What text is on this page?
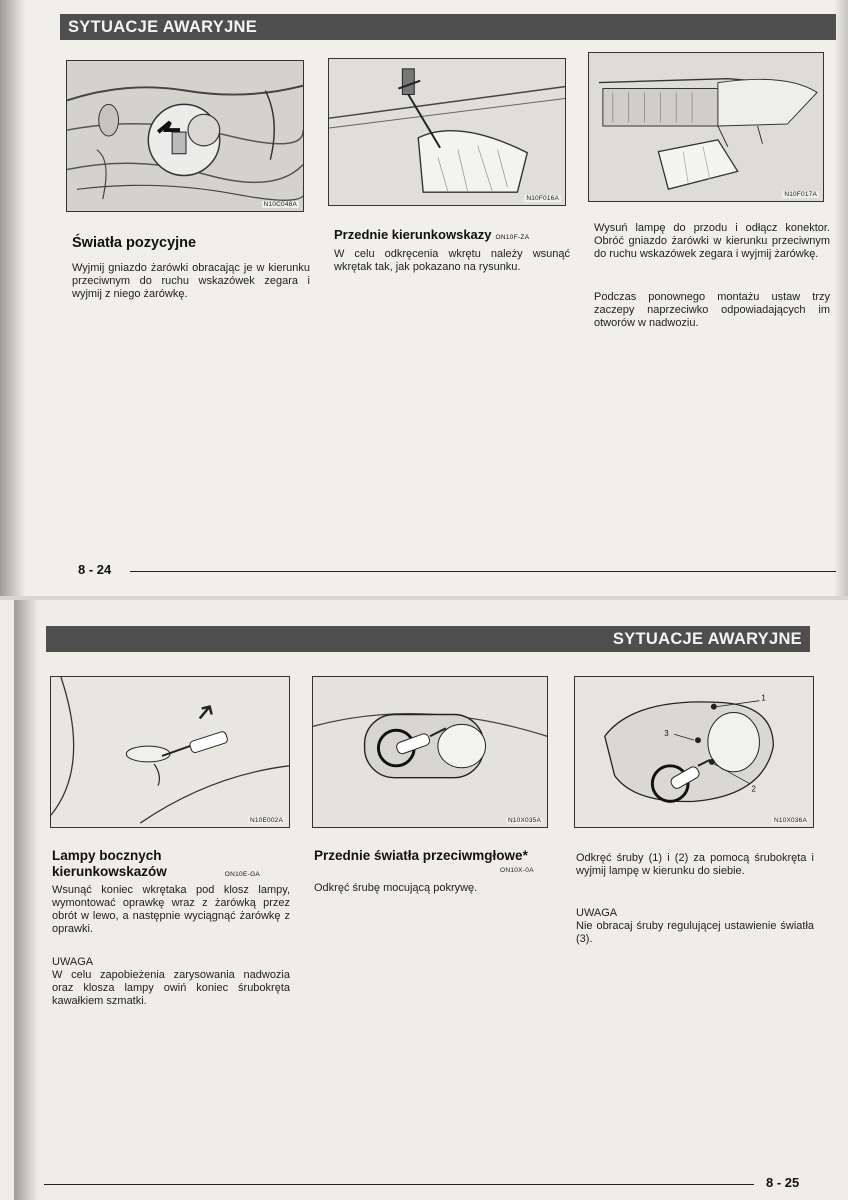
SYTUACJE AWARYJNE
N10C048A
N10F016A
N10F017A
Światła pozycyjne
Wyjmij gniazdo żarówki obracając je w kierunku przeciwnym do ruchu wskazówek zegara i wyjmij z niego żarówkę.
Przednie kierunkowskazy ON10F-ZA
W celu odkręcenia wkrętu należy wsunąć wkrętak tak, jak pokazano na rysunku.
Wysuń lampę do przodu i odłącz konektor. Obróć gniazdo żarówki w kierunku przeciwnym do ruchu wskazówek zegara i wyjmij żarówkę.
Podczas ponownego montażu ustaw trzy zaczepy naprzeciwko odpowiadających im otworów w nadwoziu.
8 - 24
SYTUACJE AWARYJNE
N10E002A	N10X035A
1
2
3
N10X036A
Lampy bocznych
kierunkowskazów	ON10E-GA
Wsunąć koniec wkrętaka pod klosz lampy, wymontować oprawkę wraz z żarówką przez obrót w lewo, a następnie wyciągnąć żarówkę z oprawki.
UWAGA
W celu zapobieżenia zarysowania nadwozia oraz klosza lampy owiń koniec śrubokręta kawałkiem szmatki.
Przednie światła przeciwmgłowe*
ON10X-0A
Odkręć śrubę mocującą pokrywę.
Odkręć śruby (1) i (2) za pomocą śrubokręta i wyjmij lampę w kierunku do siebie.
UWAGA
Nie obracaj śruby regulującej ustawienie światła (3).
8 - 25
